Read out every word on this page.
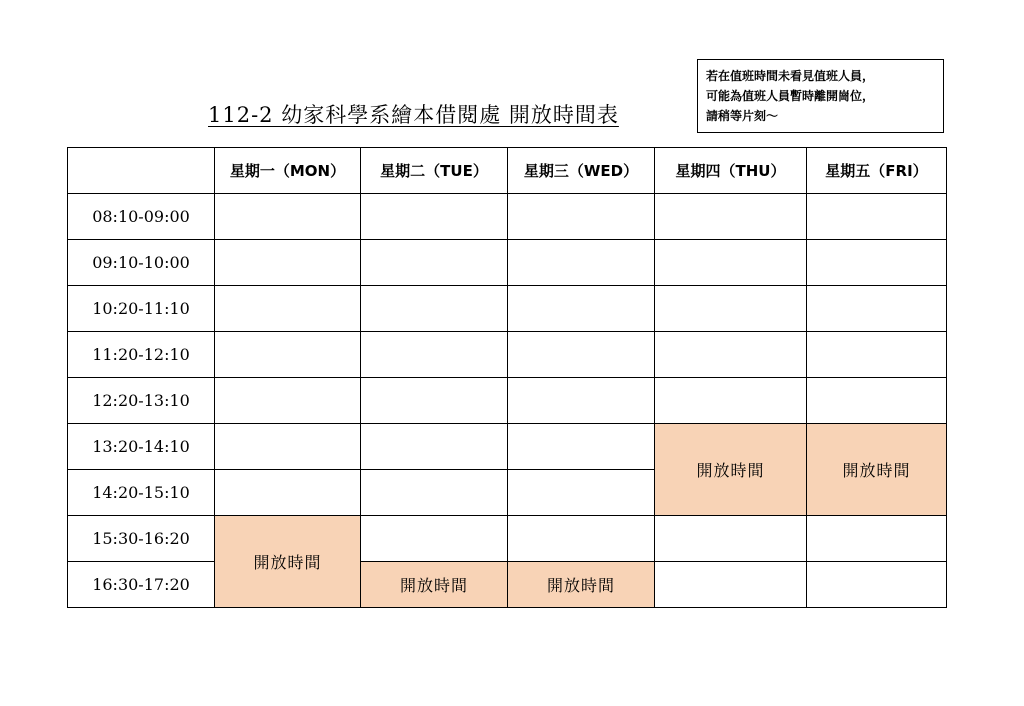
112-2 幼家科學系繪本借閱處 開放時間表
若在值班時間未看見值班人員，
可能為值班人員暫時離開崗位，
請稍等片刻～
	星期一（MON）	星期二（TUE）	星期三（WED）	星期四（THU）	星期五（FRI）
08:10-09:00					
09:10-10:00					
10:20-11:10					
11:20-12:10					
12:20-13:10					
13:20-14:10				開放時間	開放時間
14:20-15:10					
15:30-16:20	開放時間				
16:30-17:20		開放時間	開放時間		
